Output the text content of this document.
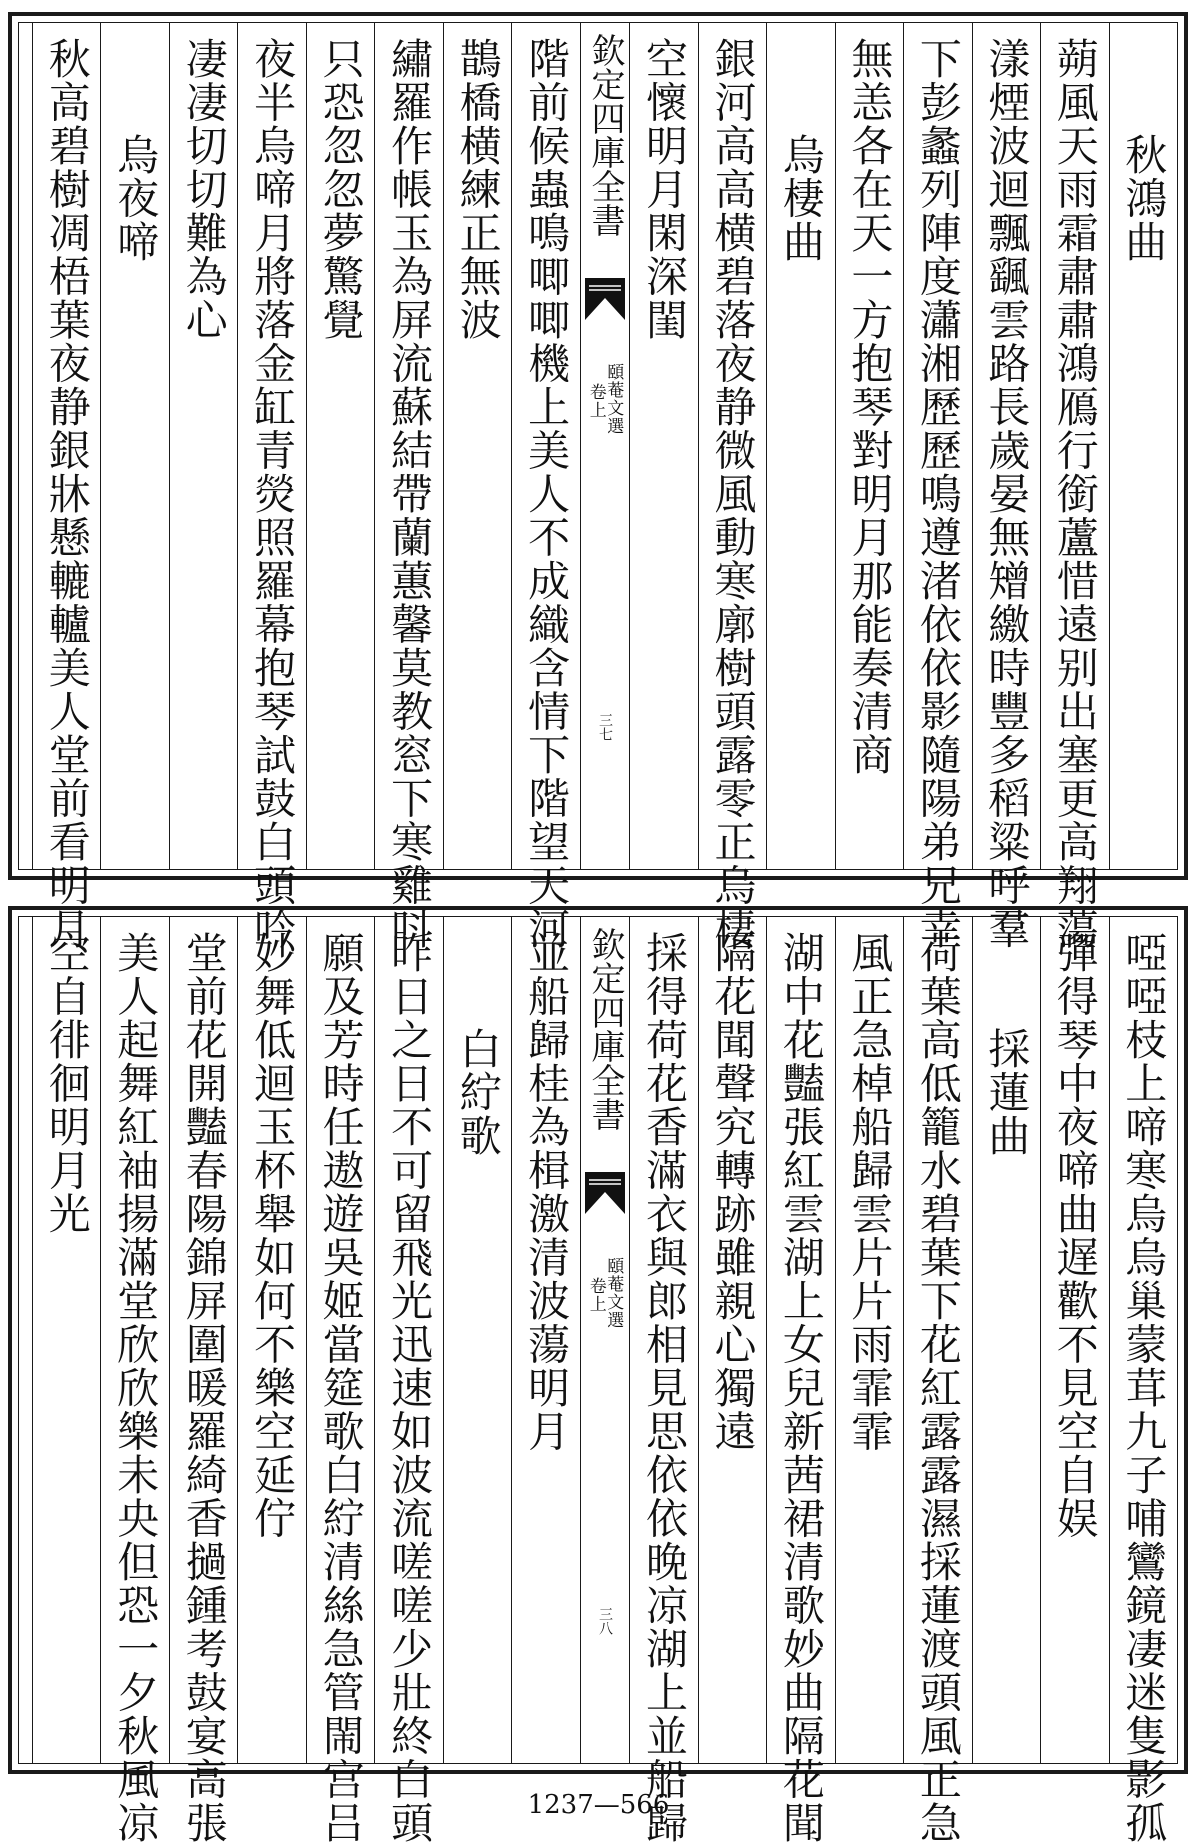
秋鴻曲
蒴風天雨霜肅肅鴻鴈行銜蘆惜遠别出塞更高翔蕩
漾煙波迴飄颻雲路長歲晏無矰繳時豐多稻粱呼羣
下彭蠡列陣度瀟湘歷歷鳴遵渚依依影隨陽弟兄幸
無恙各在天一方抱琴對明月那能奏清商
烏棲曲
銀河高高横碧落夜静微風動寒廓樹頭露零正烏棲
空懷明月閑深閨
欽定四庫全書
頤菴文選
卷上
三七
階前候蟲鳴唧唧機上美人不成織含情下階望天河
鵲橋横練正無波
繡羅作帳玉為屏流蘇結帶蘭蕙馨莫教窓下寒雞呌
只恐忽忽夢驚覺
夜半烏啼月將落金缸青熒照羅幕抱琴試鼓白頭吟
凄凄切切難為心
烏夜啼
秋高碧樹凋梧葉夜静銀牀懸轆轤美人堂前看明月
啞啞枝上啼寒烏烏巢蒙茸九子哺鸞鏡凄迷隻影孤
彈得琴中夜啼曲遅歡不見空自娱
採蓮曲
荷葉高低籠水碧葉下花紅露露濕採蓮渡頭風正急
風正急棹船歸雲片片雨霏霏
湖中花豔張紅雲湖上女兒新茜裙清歌妙曲隔花聞
隔花聞聲究轉跡雖親心獨遠
採得荷花香滿衣與郎相見思依依晚凉湖上並船歸
欽定四庫全書
頤菴文選
卷上
三八
並船歸桂為楫激清波蕩明月
白紵歌
昨日之日不可留飛光迅速如波流嗟嗟少壯終白頭
願及芳時任遨遊吳姬當筵歌白紵清絲急管閙宫吕
妙舞低迴玉杯舉如何不樂空延佇
堂前花開豔春陽錦屏圍暖羅綺香撾鍾考鼓宴高張
美人起舞紅袖揚滿堂欣欣樂未央但恐一夕秋風凉
空自徘徊明月光
1237—566
